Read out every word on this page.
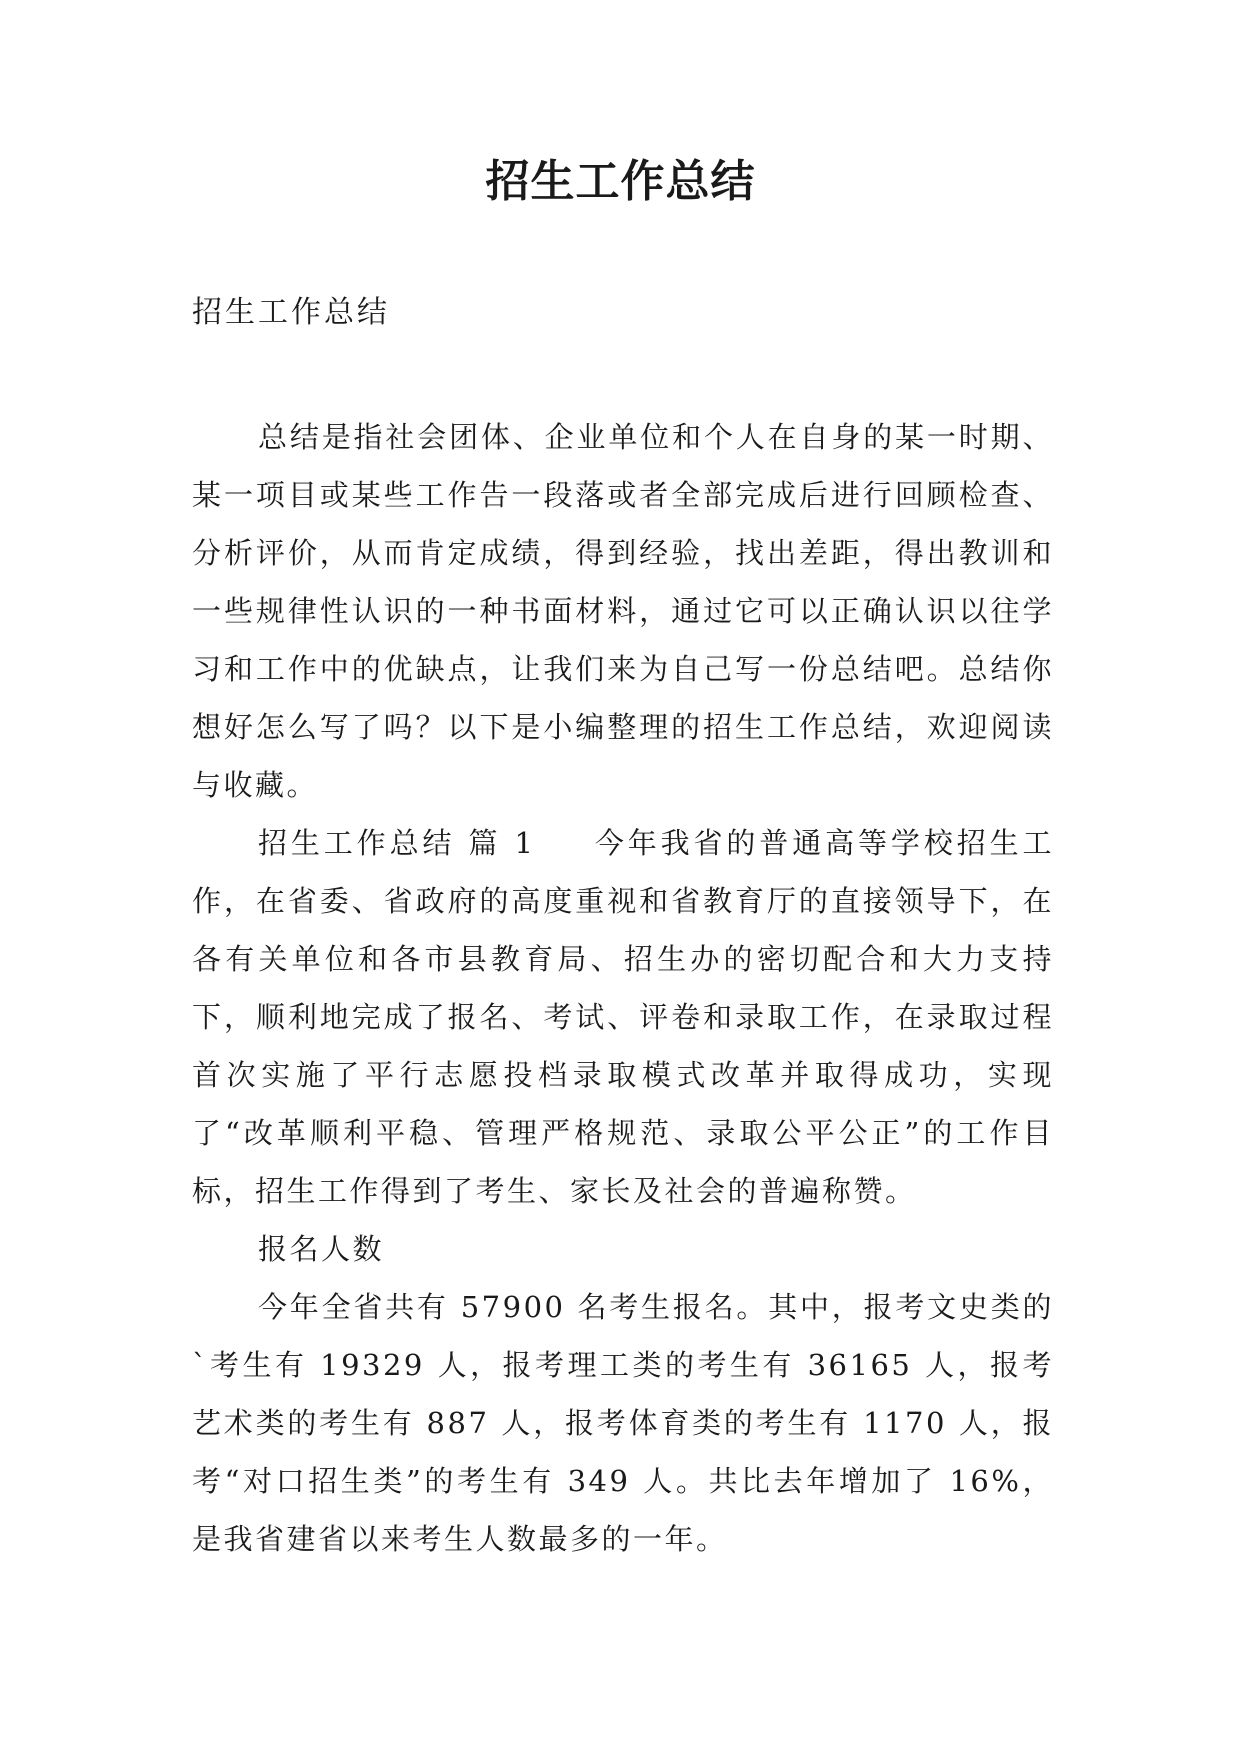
招生工作总结

招生工作总结

总结是指社会团体、企业单位和个人在自身的某一时期、某一项目或某些工作告一段落或者全部完成后进行回顾检查、分析评价，从而肯定成绩，得到经验，找出差距，得出教训和一些规律性认识的一种书面材料，通过它可以正确认识以往学习和工作中的优缺点，让我们来为自己写一份总结吧。总结你想好怎么写了吗？以下是小编整理的招生工作总结，欢迎阅读与收藏。

招生工作总结 篇 1 今年我省的普通高等学校招生工作，在省委、省政府的高度重视和省教育厅的直接领导下，在各有关单位和各市县教育局、招生办的密切配合和大力支持下，顺利地完成了报名、考试、评卷和录取工作，在录取过程首次实施了平行志愿投档录取模式改革并取得成功，实现了“改革顺利平稳、管理严格规范、录取公平公正”的工作目标，招生工作得到了考生、家长及社会的普遍称赞。

报名人数

今年全省共有 57900 名考生报名。其中，报考文史类的`考生有 19329 人，报考理工类的考生有 36165 人，报考艺术类的考生有 887 人，报考体育类的考生有 1170 人，报考“对口招生类”的考生有 349 人。共比去年增加了 16%，是我省建省以来考生人数最多的一年。
